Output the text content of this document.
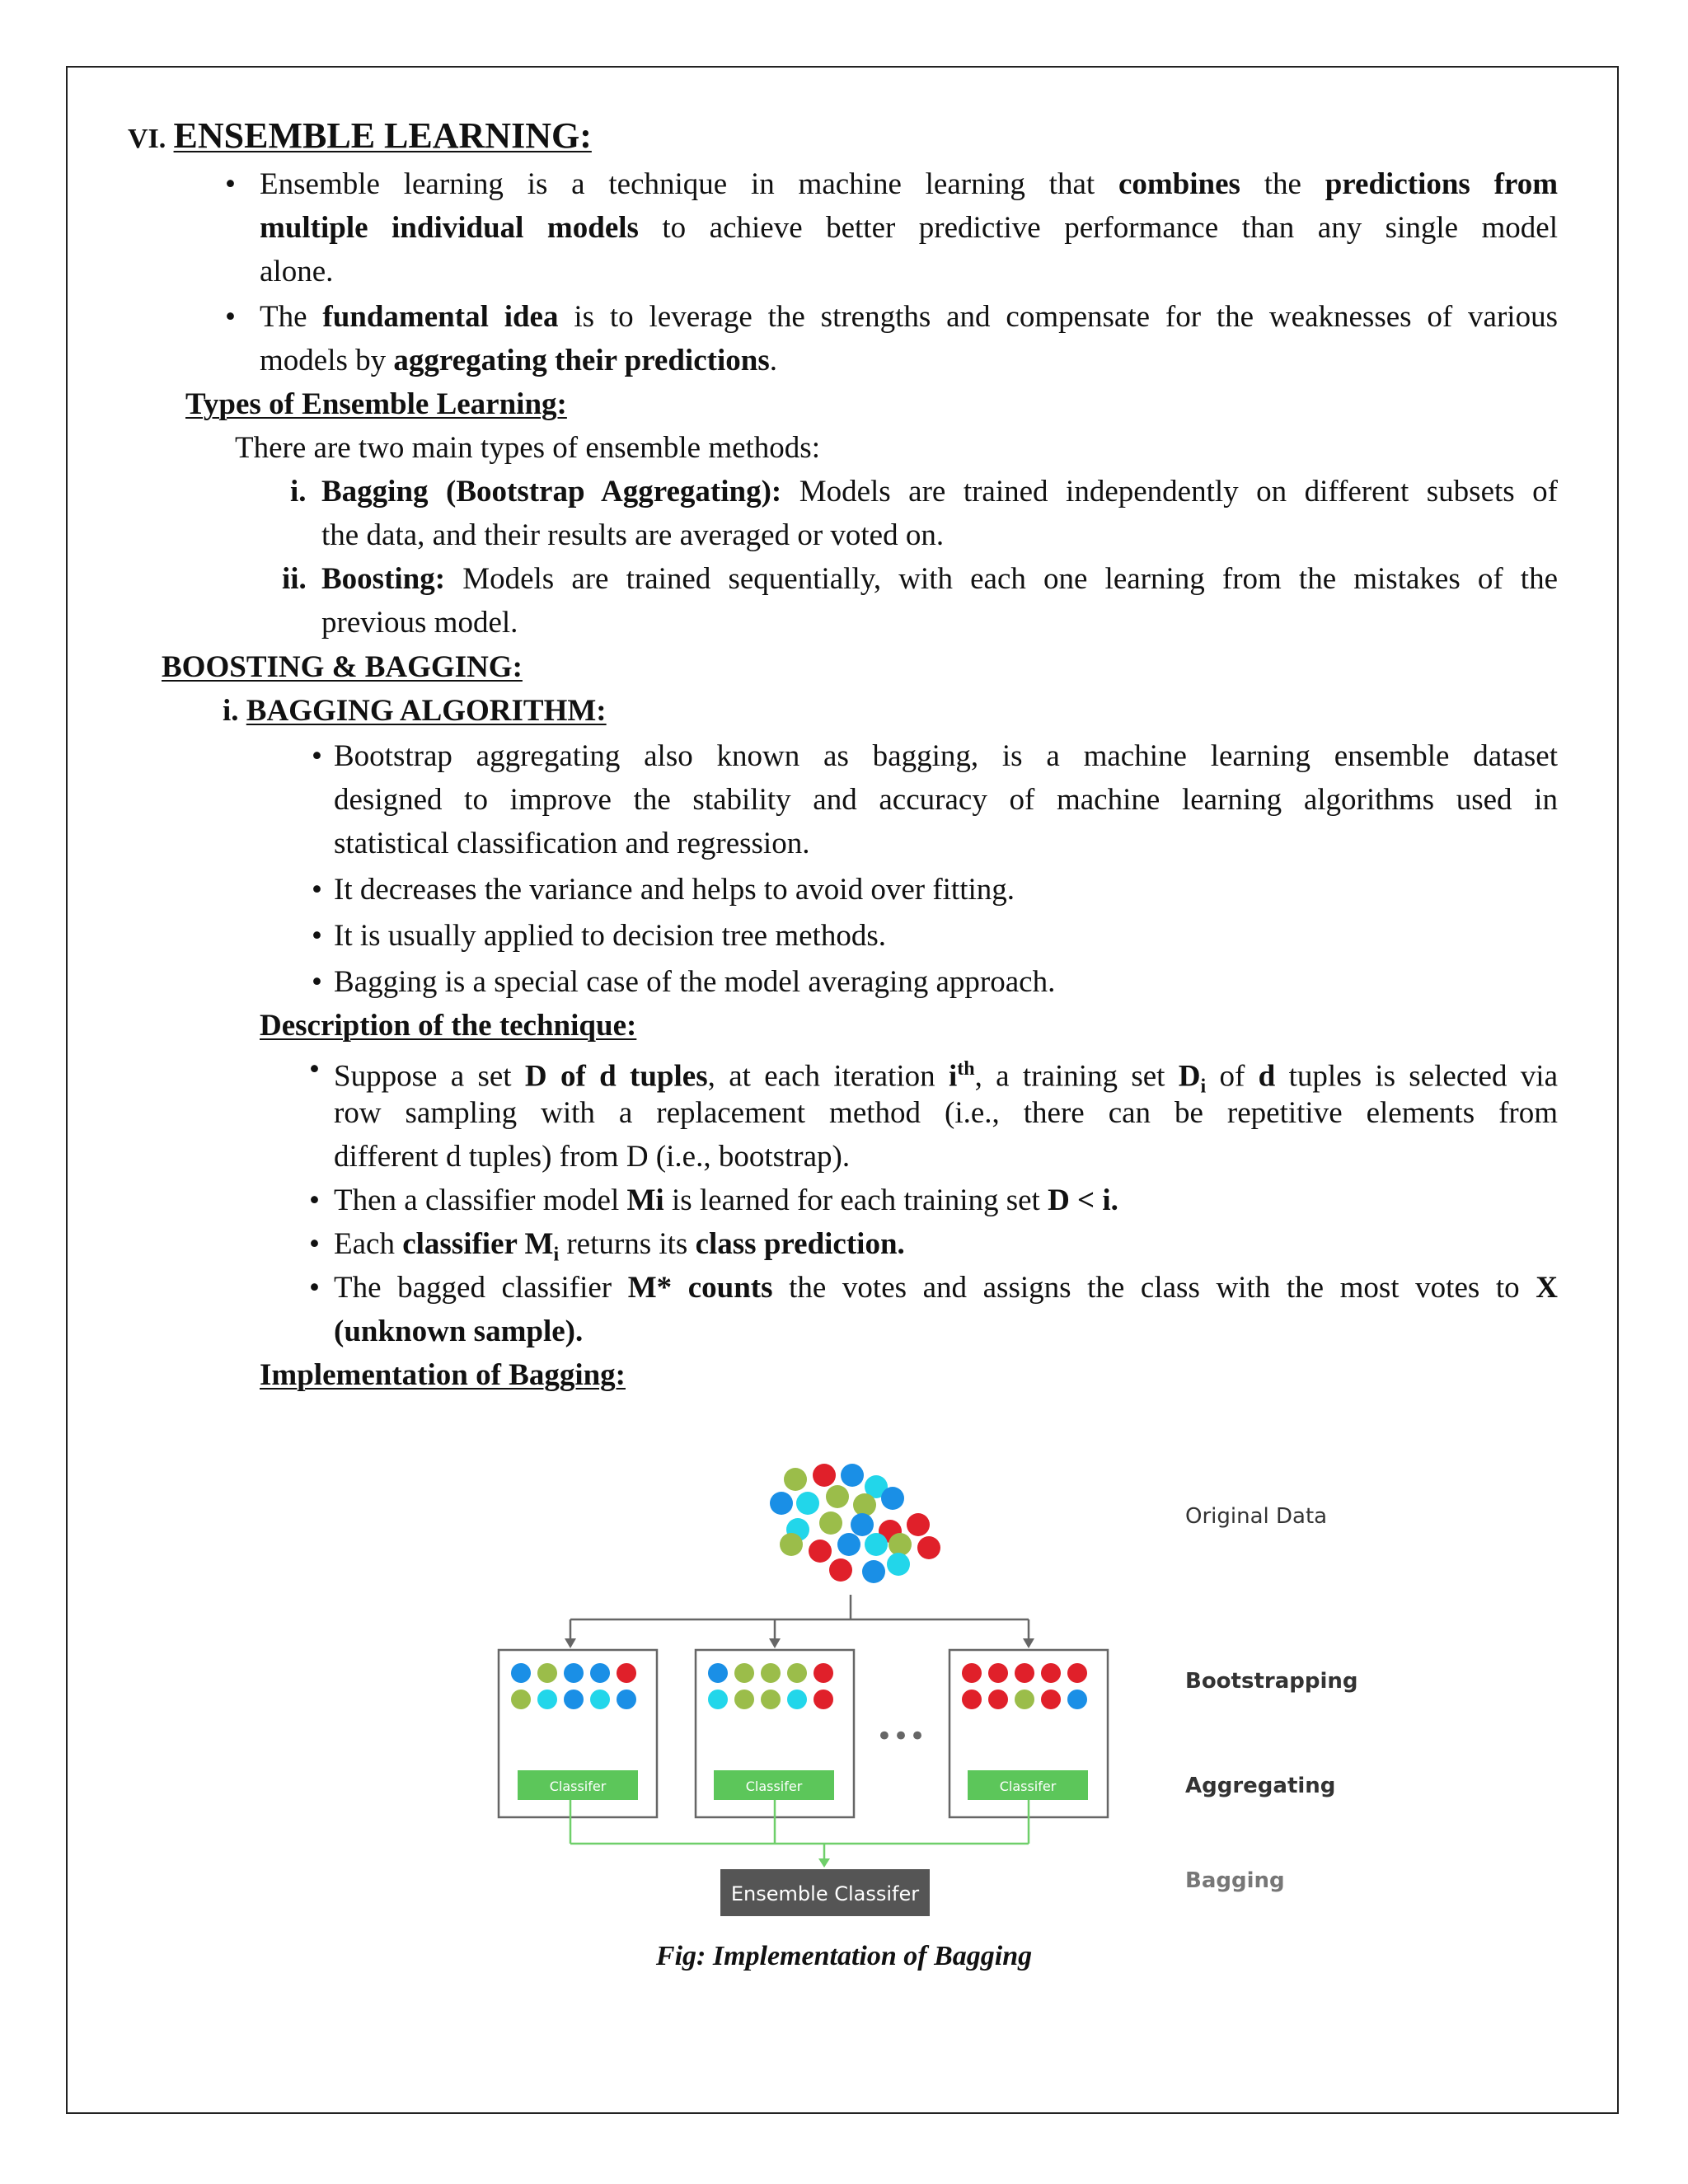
VI. ENSEMBLE LEARNING:
• Ensemble learning is a technique in machine learning that combines the predictions from
multiple individual models to achieve better predictive performance than any single model
alone.
• The fundamental idea is to leverage the strengths and compensate for the weaknesses of various
models by aggregating their predictions.
Types of Ensemble Learning:
There are two main types of ensemble methods:
i. Bagging (Bootstrap Aggregating): Models are trained independently on different subsets of
the data, and their results are averaged or voted on.
ii. Boosting: Models are trained sequentially, with each one learning from the mistakes of the
previous model.
BOOSTING & BAGGING:
i. BAGGING ALGORITHM:
• Bootstrap aggregating also known as bagging, is a machine learning ensemble dataset
designed to improve the stability and accuracy of machine learning algorithms used in
statistical classification and regression.
• It decreases the variance and helps to avoid over fitting.
• It is usually applied to decision tree methods.
• Bagging is a special case of the model averaging approach.
Description of the technique:
• Suppose a set D of d tuples, at each iteration $i^{th}$, a training set $D_i$ of d tuples is selected via
row sampling with a replacement method (i.e., there can be repetitive elements from
different d tuples) from D (i.e., bootstrap).
• Then a classifier model Mi is learned for each training set D < i.
• Each classifier $M_i$ returns its class prediction.
• The bagged classifier M* counts the votes and assigns the class with the most votes to X
(unknown sample).
Implementation of Bagging:
Classifer	Classifer	Classifer
•••
Ensemble Classifer
Original Data
Bootstrapping
Aggregating
Bagging
Fig: Implementation of Bagging
